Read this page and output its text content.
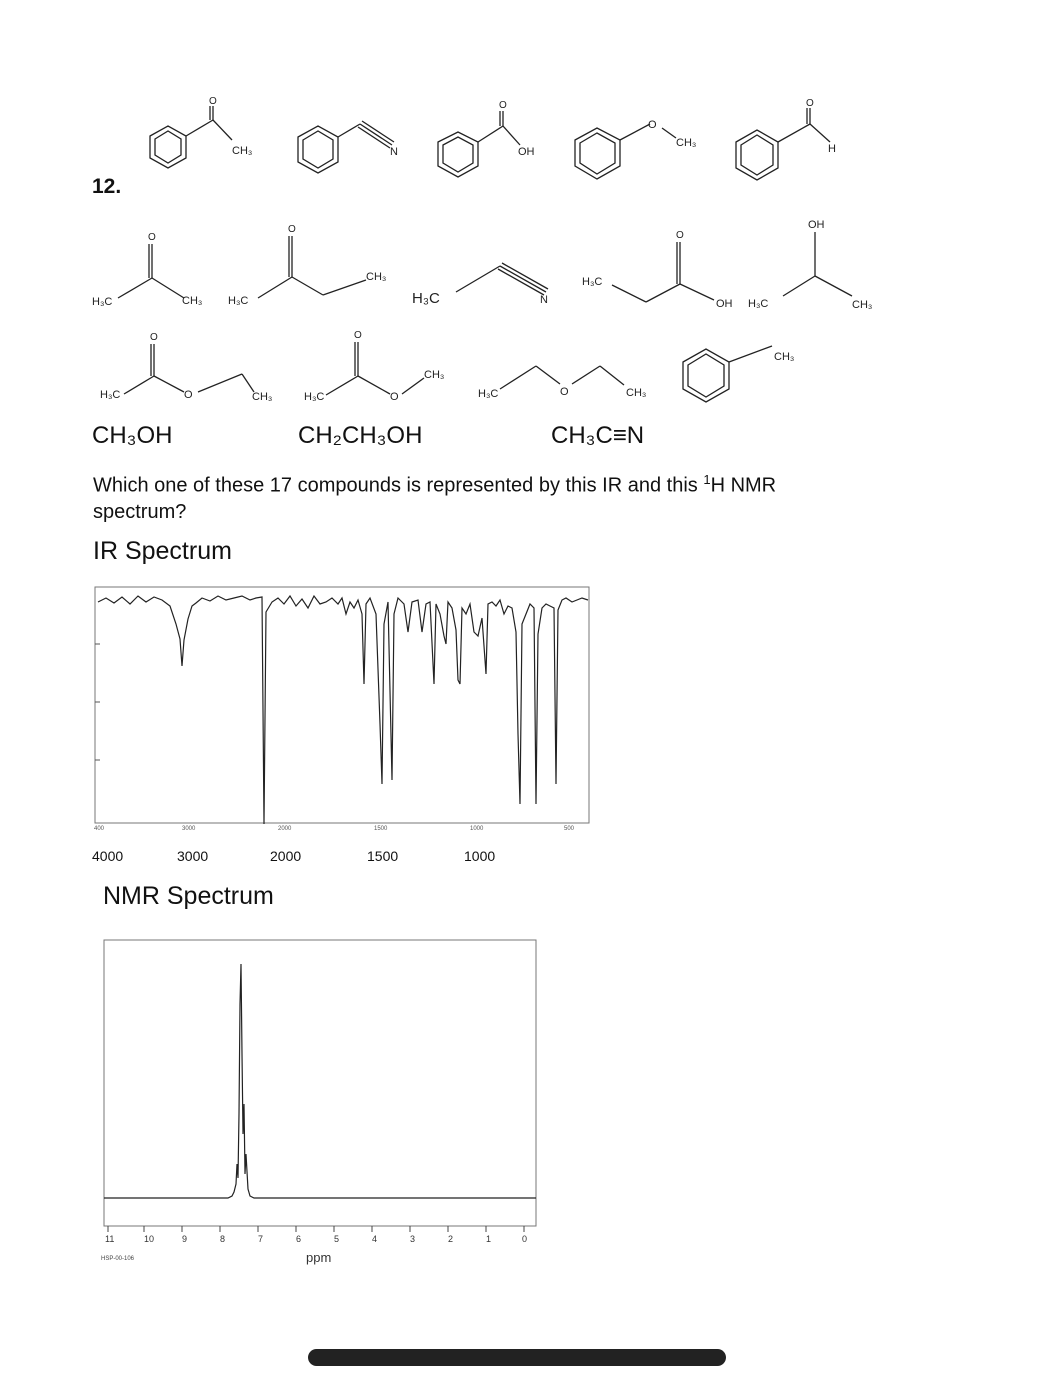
12.
CH₃	N	OH
O
CH₃	H
H₃C	CH₃ H₃C
CH₃
H₃C	N
H₃C
OH H₃C
OH
CH₃
H₃C	O	CH₃	H₃C	O
CH₃
H₃C	O	CH₃
CH₃
O
O
O
O	O
O	O	O
CH₃OH	CH₂CH₃OH	CH₃C≡N
Which one of these 17 compounds is represented by this IR and this $^1$H NMR spectrum?
IR Spectrum
400	3000	2000	1500	1000	500
4000	3000	2000	1500	1000
NMR Spectrum
11	10	9	8	7	6	5	4	3	2	1	0
HSP-00-106	ppm
